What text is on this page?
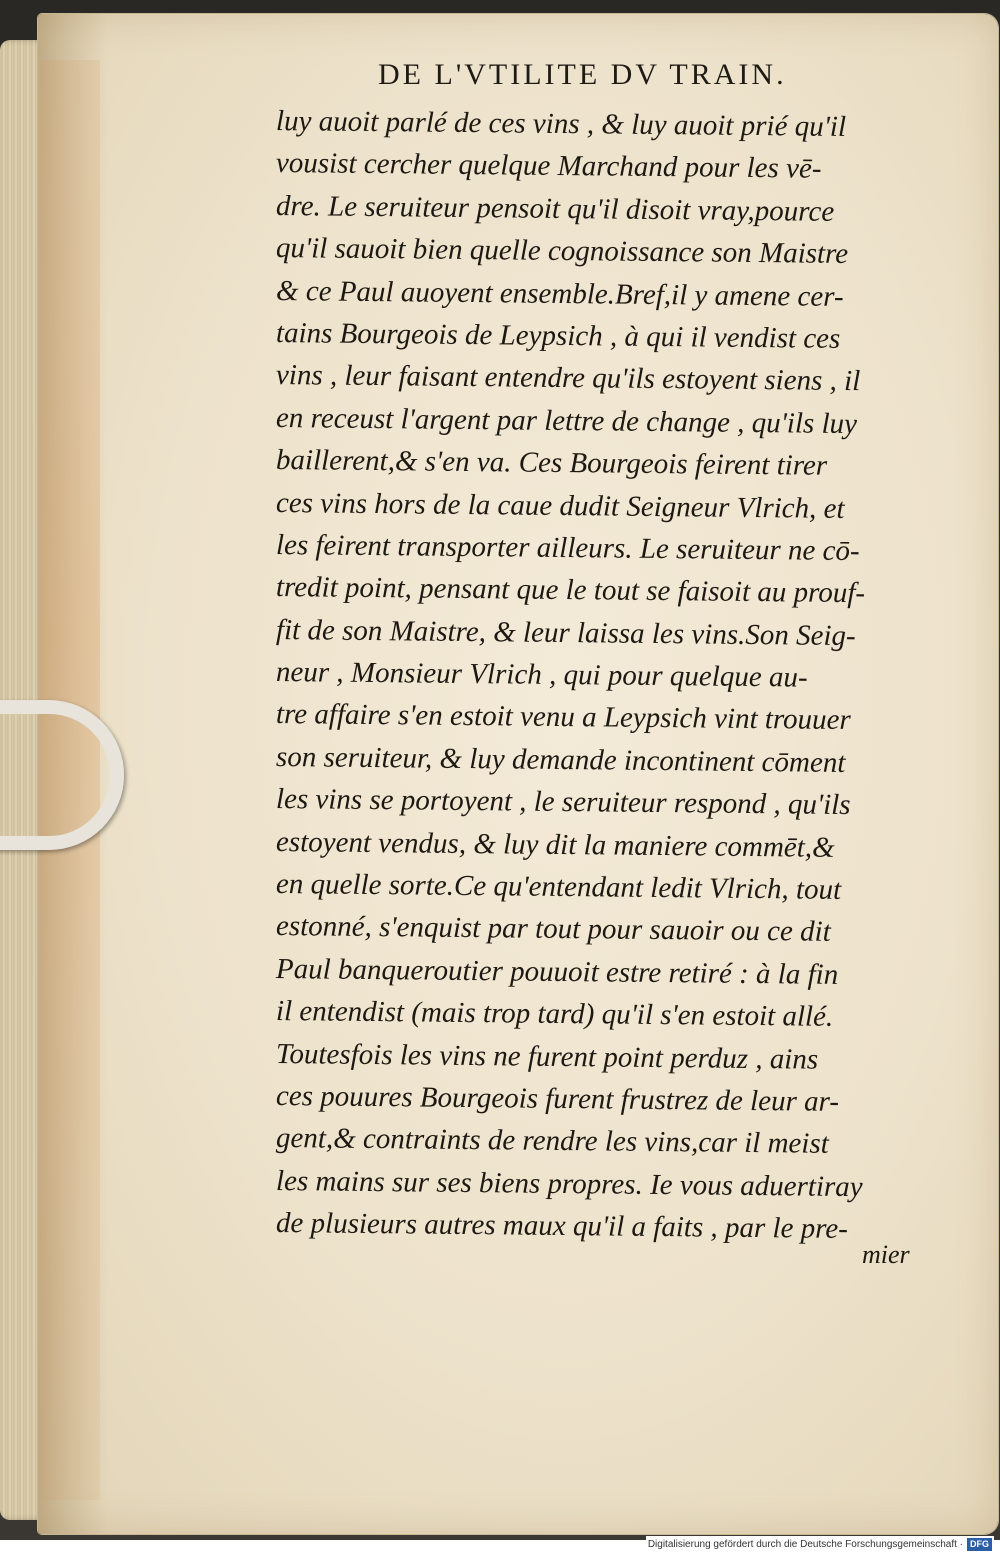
DE L'VTILITE DV TRAIN.
luy auoit parlé de ces vins , & luy auoit prié qu'il
vousist cercher quelque Marchand pour les vē-
dre. Le seruiteur pensoit qu'il disoit vray,pource
qu'il sauoit bien quelle cognoissance son Maistre
& ce Paul auoyent ensemble.Bref,il y amene cer-
tains Bourgeois de Leypsich , à qui il vendist ces
vins , leur faisant entendre qu'ils estoyent siens , il
en receust l'argent par lettre de change , qu'ils luy
baillerent,& s'en va. Ces Bourgeois feirent tirer
ces vins hors de la caue dudit Seigneur Vlrich, et
les feirent transporter ailleurs. Le seruiteur ne cō-
tredit point, pensant que le tout se faisoit au prouf-
fit de son Maistre, & leur laissa les vins.Son Seig-
neur , Monsieur Vlrich , qui pour quelque au-
tre affaire s'en estoit venu a Leypsich vint trouuer
son seruiteur, & luy demande incontinent cōment
les vins se portoyent , le seruiteur respond , qu'ils
estoyent vendus, & luy dit la maniere commēt,&
en quelle sorte.Ce qu'entendant ledit Vlrich, tout
estonné, s'enquist par tout pour sauoir ou ce dit
Paul banqueroutier pouuoit estre retiré : à la fin
il entendist (mais trop tard) qu'il s'en estoit allé.
Toutesfois les vins ne furent point perduz , ains
ces pouures Bourgeois furent frustrez de leur ar-
gent,& contraints de rendre les vins,car il meist
les mains sur ses biens propres. Ie vous aduertiray
de plusieurs autres maux qu'il a faits , par le pre-
mier
Digitalisierung gefördert durch die Deutsche Forschungsgemeinschaft · DFG
